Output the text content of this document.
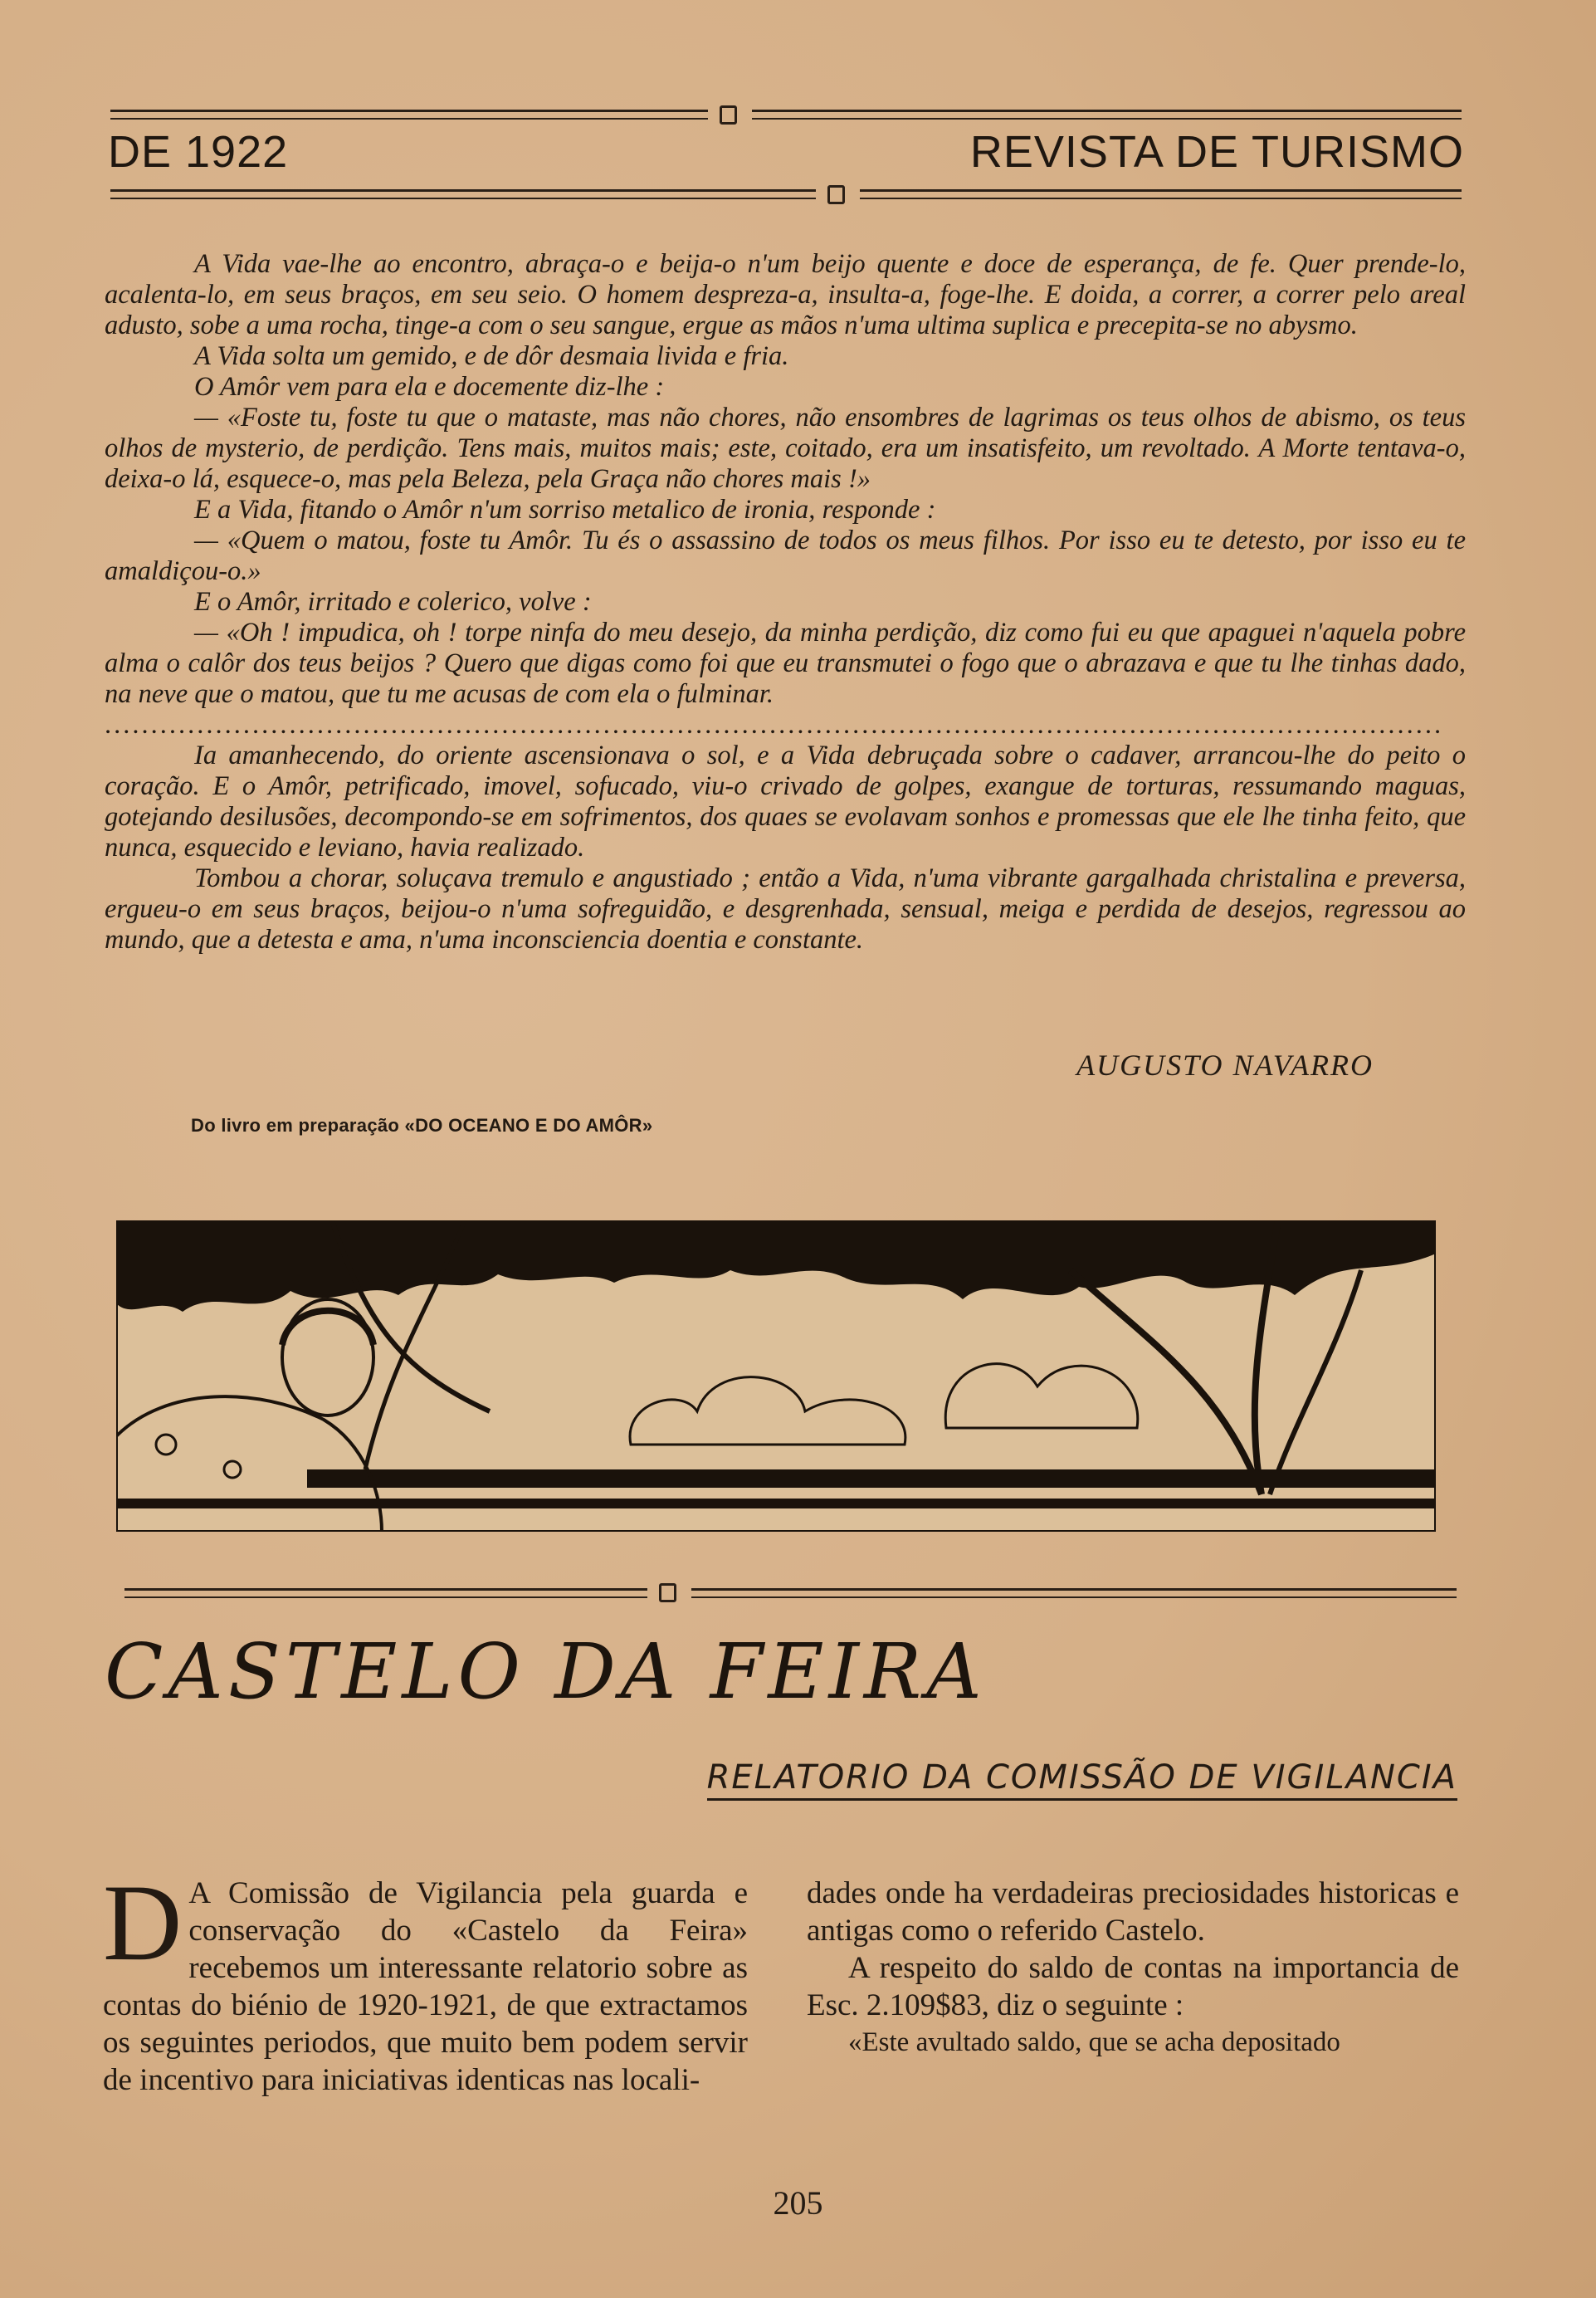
DE 1922	REVISTA DE TURISMO

A Vida vae-lhe ao encontro, abraça-o e beija-o n'um beijo quente e doce de esperança, de fe. Quer prende-lo, acalenta-lo, em seus braços, em seu seio. O homem despreza-a, insulta-a, foge-lhe. E doida, a correr, a correr pelo areal adusto, sobe a uma rocha, tinge-a com o seu sangue, ergue as mãos n'uma ultima suplica e precepita-se no abysmo.

A Vida solta um gemido, e de dôr desmaia livida e fria.

O Amôr vem para ela e docemente diz-lhe :

— «Foste tu, foste tu que o mataste, mas não chores, não ensombres de lagrimas os teus olhos de abismo, os teus olhos de mysterio, de perdição. Tens mais, muitos mais; este, coitado, era um insatisfeito, um revoltado. A Morte tentava-o, deixa-o lá, esquece-o, mas pela Beleza, pela Graça não chores mais !»

E a Vida, fitando o Amôr n'um sorriso metalico de ironia, responde :

— «Quem o matou, foste tu Amôr. Tu és o assassino de todos os meus filhos. Por isso eu te detesto, por isso eu te amaldiçou-o.»

E o Amôr, irritado e colerico, volve :

— «Oh ! impudica, oh ! torpe ninfa do meu desejo, da minha perdição, diz como fui eu que apaguei n'aquela pobre alma o calôr dos teus beijos ? Quero que digas como foi que eu transmutei o fogo que o abrazava e que tu lhe tinhas dado, na neve que o matou, que tu me acusas de com ela o fulminar.

.................................................................................................................................................

Ia amanhecendo, do oriente ascensionava o sol, e a Vida debruçada sobre o cadaver, arrancou-lhe do peito o coração. E o Amôr, petrificado, imovel, sofucado, viu-o crivado de golpes, exangue de torturas, ressumando maguas, gotejando desilusões, decompondo-se em sofrimentos, dos quaes se evolavam sonhos e promessas que ele lhe tinha feito, que nunca, esquecido e leviano, havia realizado.

Tombou a chorar, soluçava tremulo e angustiado ; então a Vida, n'uma vibrante gargalhada christalina e preversa, ergueu-o em seus braços, beijou-o n'uma sofreguidão, e desgrenhada, sensual, meiga e perdida de desejos, regressou ao mundo, que a detesta e ama, n'uma inconsciencia doentia e constante.

AUGUSTO NAVARRO
Do livro em preparação «DO OCEANO E DO AMÔR»
CASTELO DA FEIRA
RELATORIO DA COMISSÃO DE VIGILANCIA
D A Comissão de Vigilancia pela guarda e conservação do «Castelo da Feira» recebemos um interessante relatorio sobre as contas do biénio de 1920-1921, de que extractamos os seguintes periodos, que muito bem podem servir de incentivo para iniciativas identicas nas locali-

dades onde ha verdadeiras preciosidades historicas e antigas como o referido Castelo.

A respeito do saldo de contas na importancia de Esc. 2.109$83, diz o seguinte :

«Este avultado saldo, que se acha depositado

205
